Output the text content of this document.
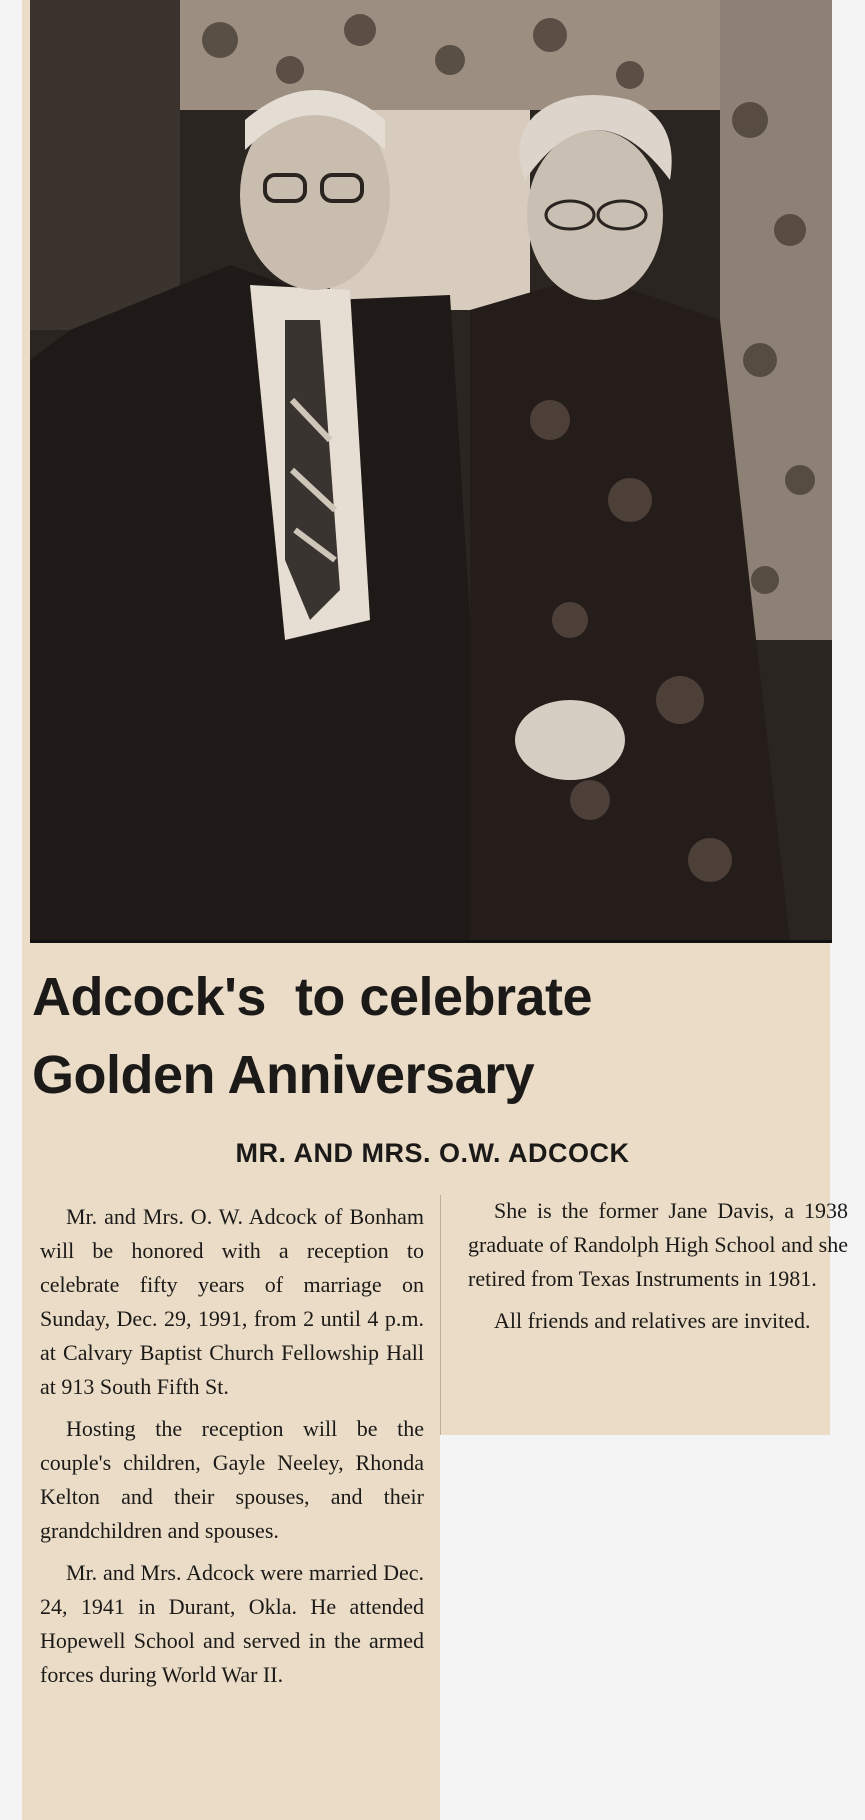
Adcock's  to celebrate
Golden Anniversary
MR. AND MRS. O.W. ADCOCK

Mr. and Mrs. O. W. Adcock of Bonham will be honored with a reception to celebrate fifty years of marriage on Sunday, Dec. 29, 1991, from 2 until 4 p.m. at Calvary Baptist Church Fellowship Hall at 913 South Fifth St.

Hosting the reception will be the couple's children, Gayle Neeley, Rhonda Kelton and their spouses, and their grandchildren and spouses.

Mr. and Mrs. Adcock were married Dec. 24, 1941 in Durant, Okla. He attended Hopewell School and served in the armed forces during World War II.

She is the former Jane Davis, a 1938 graduate of Randolph High School and she retired from Texas Instruments in 1981.

All friends and relatives are invited.
